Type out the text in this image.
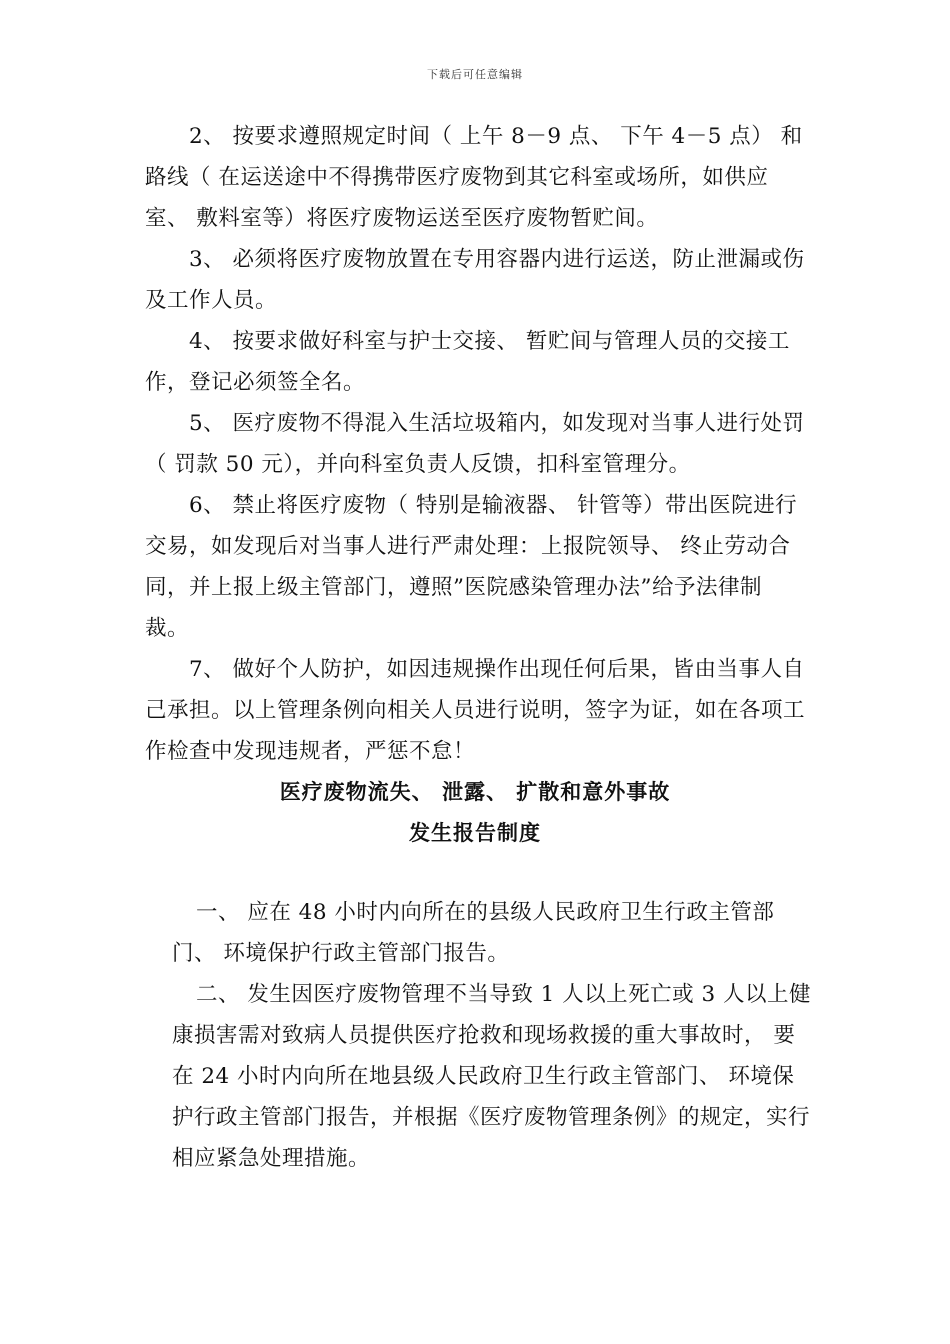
下载后可任意编辑

2、 按要求遵照规定时间（ 上午 8－9 点、 下午 4－5 点） 和路线（ 在运送途中不得携带医疗废物到其它科室或场所，如供应室、 敷料室等）将医疗废物运送至医疗废物暂贮间。

3、 必须将医疗废物放置在专用容器内进行运送，防止泄漏或伤及工作人员。

4、 按要求做好科室与护士交接、 暂贮间与管理人员的交接工作，登记必须签全名。

5、 医疗废物不得混入生活垃圾箱内，如发现对当事人进行处罚（ 罚款 50 元），并向科室负责人反馈，扣科室管理分。

6、 禁止将医疗废物（ 特别是输液器、 针管等）带出医院进行交易，如发现后对当事人进行严肃处理：上报院领导、 终止劳动合同，并上报上级主管部门，遵照”医院感染管理办法”给予法律制裁。

7、 做好个人防护，如因违规操作出现任何后果，皆由当事人自己承担。以上管理条例向相关人员进行说明，签字为证，如在各项工作检查中发现违规者，严惩不怠！

医疗废物流失、 泄露、 扩散和意外事故
发生报告制度

一、 应在 48 小时内向所在的县级人民政府卫生行政主管部门、 环境保护行政主管部门报告。

二、 发生因医疗废物管理不当导致 1 人以上死亡或 3 人以上健康损害需对致病人员提供医疗抢救和现场救援的重大事故时， 要在 24 小时内向所在地县级人民政府卫生行政主管部门、 环境保护行政主管部门报告，并根据《医疗废物管理条例》的规定，实行相应紧急处理措施。
